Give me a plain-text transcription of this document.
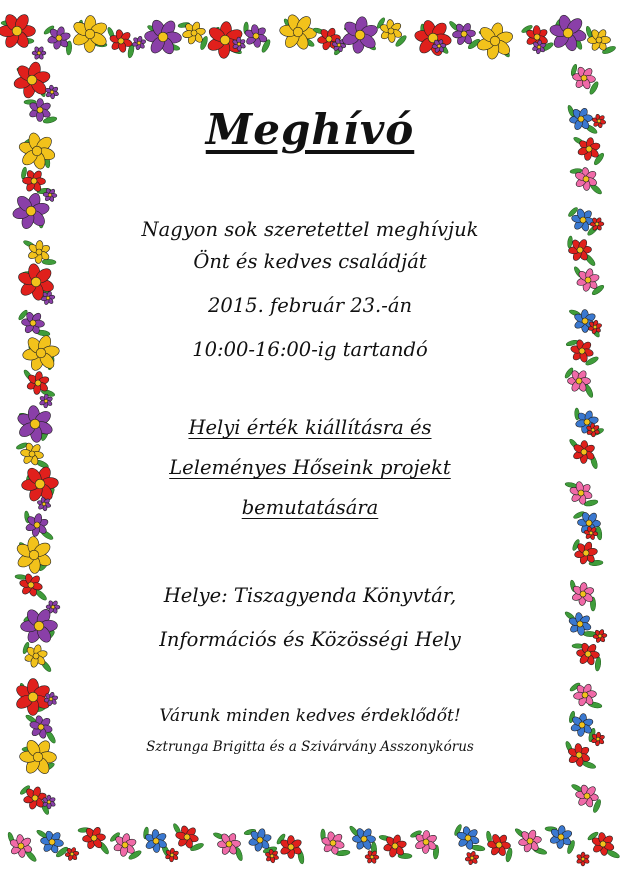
Meghívó

Nagyon sok szeretettel meghívjuk

Önt és kedves családját

2015. február 23.-án

10:00-16:00-ig tartandó

Helyi érték kiállításra és

Leleményes Hőseink projekt

bemutatására

Helye: Tiszagyenda Könyvtár,

Információs és Közösségi Hely

Várunk minden kedves érdeklődőt!

Sztrunga Brigitta és a Szivárvány Asszonykórus
